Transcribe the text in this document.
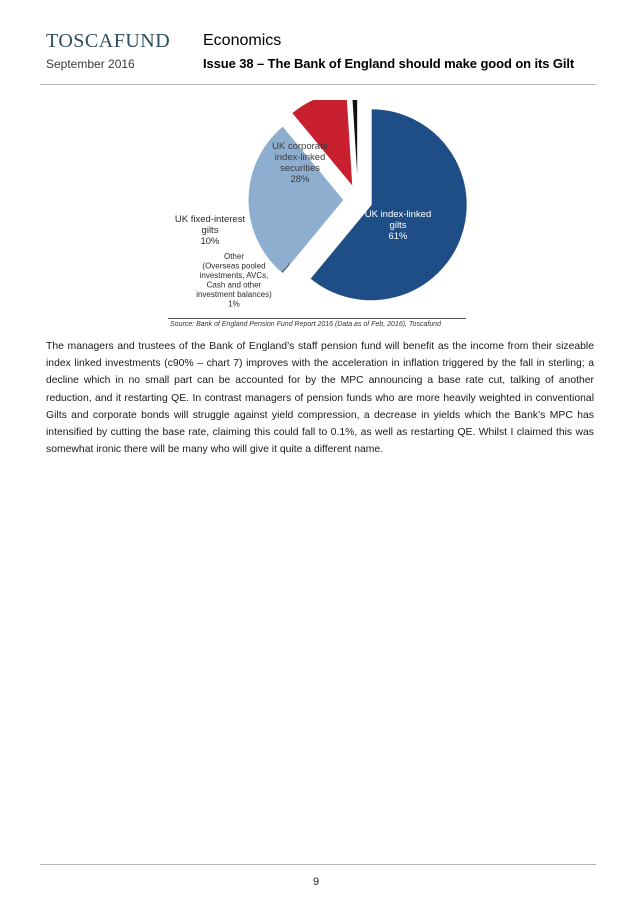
TOSCAFUND
September 2016
Economics
Issue 38 – The Bank of England should make good on its Gilt
UK index-linked
gilts
61%
UK corporate
index-linked
securities
28%
UK fixed-interest
gilts
10%
Other
(Overseas pooled
investments, AVCs,
Cash and other
investment balances)
1%
Source: Bank of England Pension Fund Report 2016 (Data as of Feb, 2016), Toscafund
The managers and trustees of the Bank of England’s staff pension fund will benefit as the income from their sizeable index linked investments (c90% – chart 7) improves with the acceleration in inflation triggered by the fall in sterling; a decline which in no small part can be accounted for by the MPC announcing a base rate cut, talking of another reduction, and it restarting QE. In contrast managers of pension funds who are more heavily weighted in conventional Gilts and corporate bonds will struggle against yield compression, a decrease in yields which the Bank’s MPC has intensified by cutting the base rate, claiming this could fall to 0.1%, as well as restarting QE. Whilst I claimed this was somewhat ironic there will be many who will give it quite a different name.
9
